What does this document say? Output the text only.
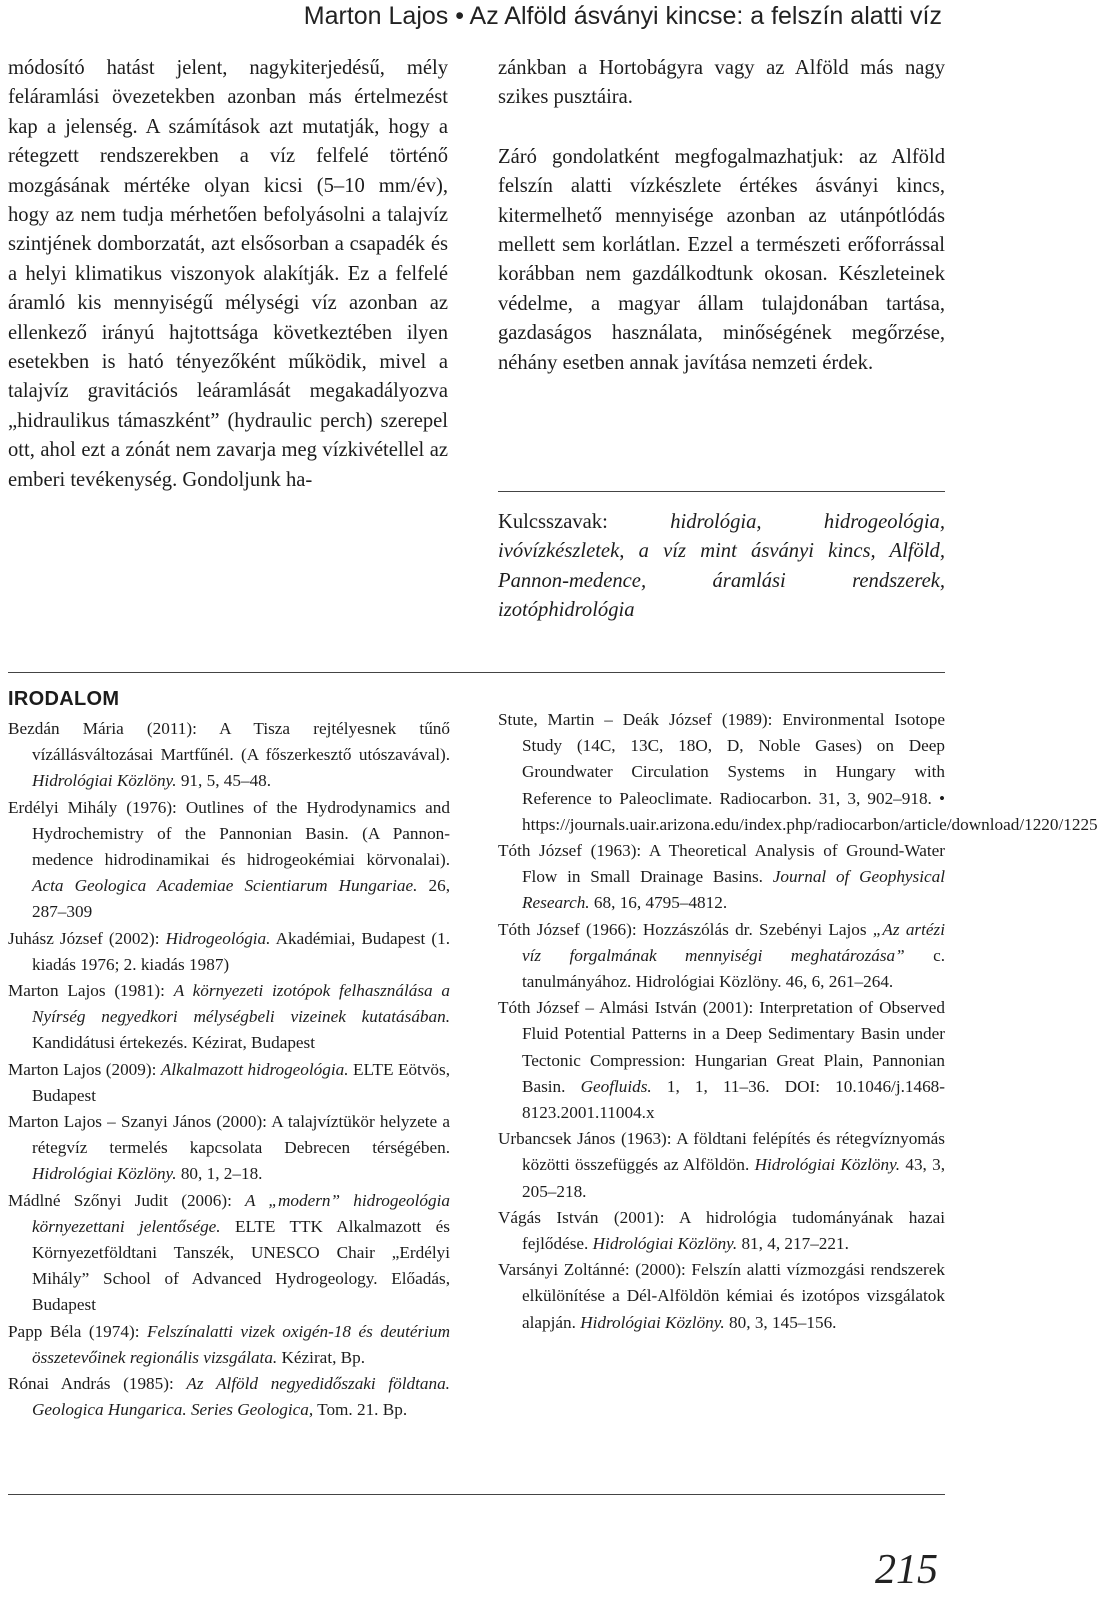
Marton Lajos • Az Alföld ásványi kincse: a felszín alatti víz

módosító hatást jelent, nagykiterjedésű, mély feláramlási övezetekben azonban más értelmezést kap a jelenség. A számítások azt mutatják, hogy a rétegzett rendszerekben a víz felfelé történő mozgásának mértéke olyan kicsi (5–10 mm/év), hogy az nem tudja mérhetően befolyásolni a talajvíz szintjének domborzatát, azt elsősorban a csapadék és a helyi klimatikus viszonyok alakítják. Ez a felfelé áramló kis mennyiségű mélységi víz azonban az ellenkező irányú hajtottsága következtében ilyen esetekben is ható tényezőként működik, mivel a talajvíz gravitációs leáramlását megakadályozva „hidraulikus támaszként” (hydraulic perch) szerepel ott, ahol ezt a zónát nem zavarja meg vízkivétellel az emberi tevékenység. Gondoljunk ha-

zánkban a Hortobágyra vagy az Alföld más nagy szikes pusztáira.

Záró gondolatként megfogalmazhatjuk: az Alföld felszín alatti vízkészlete értékes ásványi kincs, kitermelhető mennyisége azonban az utánpótlódás mellett sem korlátlan. Ezzel a természeti erőforrással korábban nem gazdálkodtunk okosan. Készleteinek védelme, a magyar állam tulajdonában tartása, gazdaságos használata, minőségének megőrzése, néhány esetben annak javítása nemzeti érdek.

Kulcsszavak: hidrológia, hidrogeológia, ivóvízkészletek, a víz mint ásványi kincs, Alföld, Pannon-medence, áramlási rendszerek, izotóphidrológia
IRODALOM
Bezdán Mária (2011): A Tisza rejtélyesnek tűnő vízállásváltozásai Martfűnél. (A főszerkesztő utószavával). Hidrológiai Közlöny. 91, 5, 45–48.
Erdélyi Mihály (1976): Outlines of the Hydrodynamics and Hydrochemistry of the Pannonian Basin. (A Pannon-medence hidrodinamikai és hidrogeokémiai körvonalai). Acta Geologica Academiae Scientiarum Hungariae. 26, 287–309
Juhász József (2002): Hidrogeológia. Akadémiai, Budapest (1. kiadás 1976; 2. kiadás 1987)
Marton Lajos (1981): A környezeti izotópok felhasználása a Nyírség negyedkori mélységbeli vizeinek kutatásában. Kandidátusi értekezés. Kézirat, Budapest
Marton Lajos (2009): Alkalmazott hidrogeológia. ELTE Eötvös, Budapest
Marton Lajos – Szanyi János (2000): A talajvíztükör helyzete a rétegvíz termelés kapcsolata Debrecen térségében. Hidrológiai Közlöny. 80, 1, 2–18.
Mádlné Szőnyi Judit (2006): A „modern” hidrogeológia környezettani jelentősége. ELTE TTK Alkalmazott és Környezetföldtani Tanszék, UNESCO Chair „Erdélyi Mihály” School of Advanced Hydrogeology. Előadás, Budapest
Papp Béla (1974): Felszínalatti vizek oxigén-18 és deutérium összetevőinek regionális vizsgálata. Kézirat, Bp.
Rónai András (1985): Az Alföld negyedidőszaki földtana. Geologica Hungarica. Series Geologica, Tom. 21. Bp.
Stute, Martin – Deák József (1989): Environmental Isotope Study (14C, 13C, 18O, D, Noble Gases) on Deep Groundwater Circulation Systems in Hungary with Reference to Paleoclimate. Radiocarbon. 31, 3, 902–918. • https://journals.uair.arizona.edu/index.php/radiocarbon/article/download/1220/1225
Tóth József (1963): A Theoretical Analysis of Ground-Water Flow in Small Drainage Basins. Journal of Geophysical Research. 68, 16, 4795–4812.
Tóth József (1966): Hozzászólás dr. Szebényi Lajos „Az artézi víz forgalmának mennyiségi meghatározása” c. tanulmányához. Hidrológiai Közlöny. 46, 6, 261–264.
Tóth József – Almási István (2001): Interpretation of Observed Fluid Potential Patterns in a Deep Sedimentary Basin under Tectonic Compression: Hungarian Great Plain, Pannonian Basin. Geofluids. 1, 1, 11–36. DOI: 10.1046/j.1468-8123.2001.11004.x
Urbancsek János (1963): A földtani felépítés és rétegvíznyomás közötti összefüggés az Alföldön. Hidrológiai Közlöny. 43, 3, 205–218.
Vágás István (2001): A hidrológia tudományának hazai fejlődése. Hidrológiai Közlöny. 81, 4, 217–221.
Varsányi Zoltánné: (2000): Felszín alatti vízmozgási rendszerek elkülönítése a Dél-Alföldön kémiai és izotópos vizsgálatok alapján. Hidrológiai Közlöny. 80, 3, 145–156.
215
